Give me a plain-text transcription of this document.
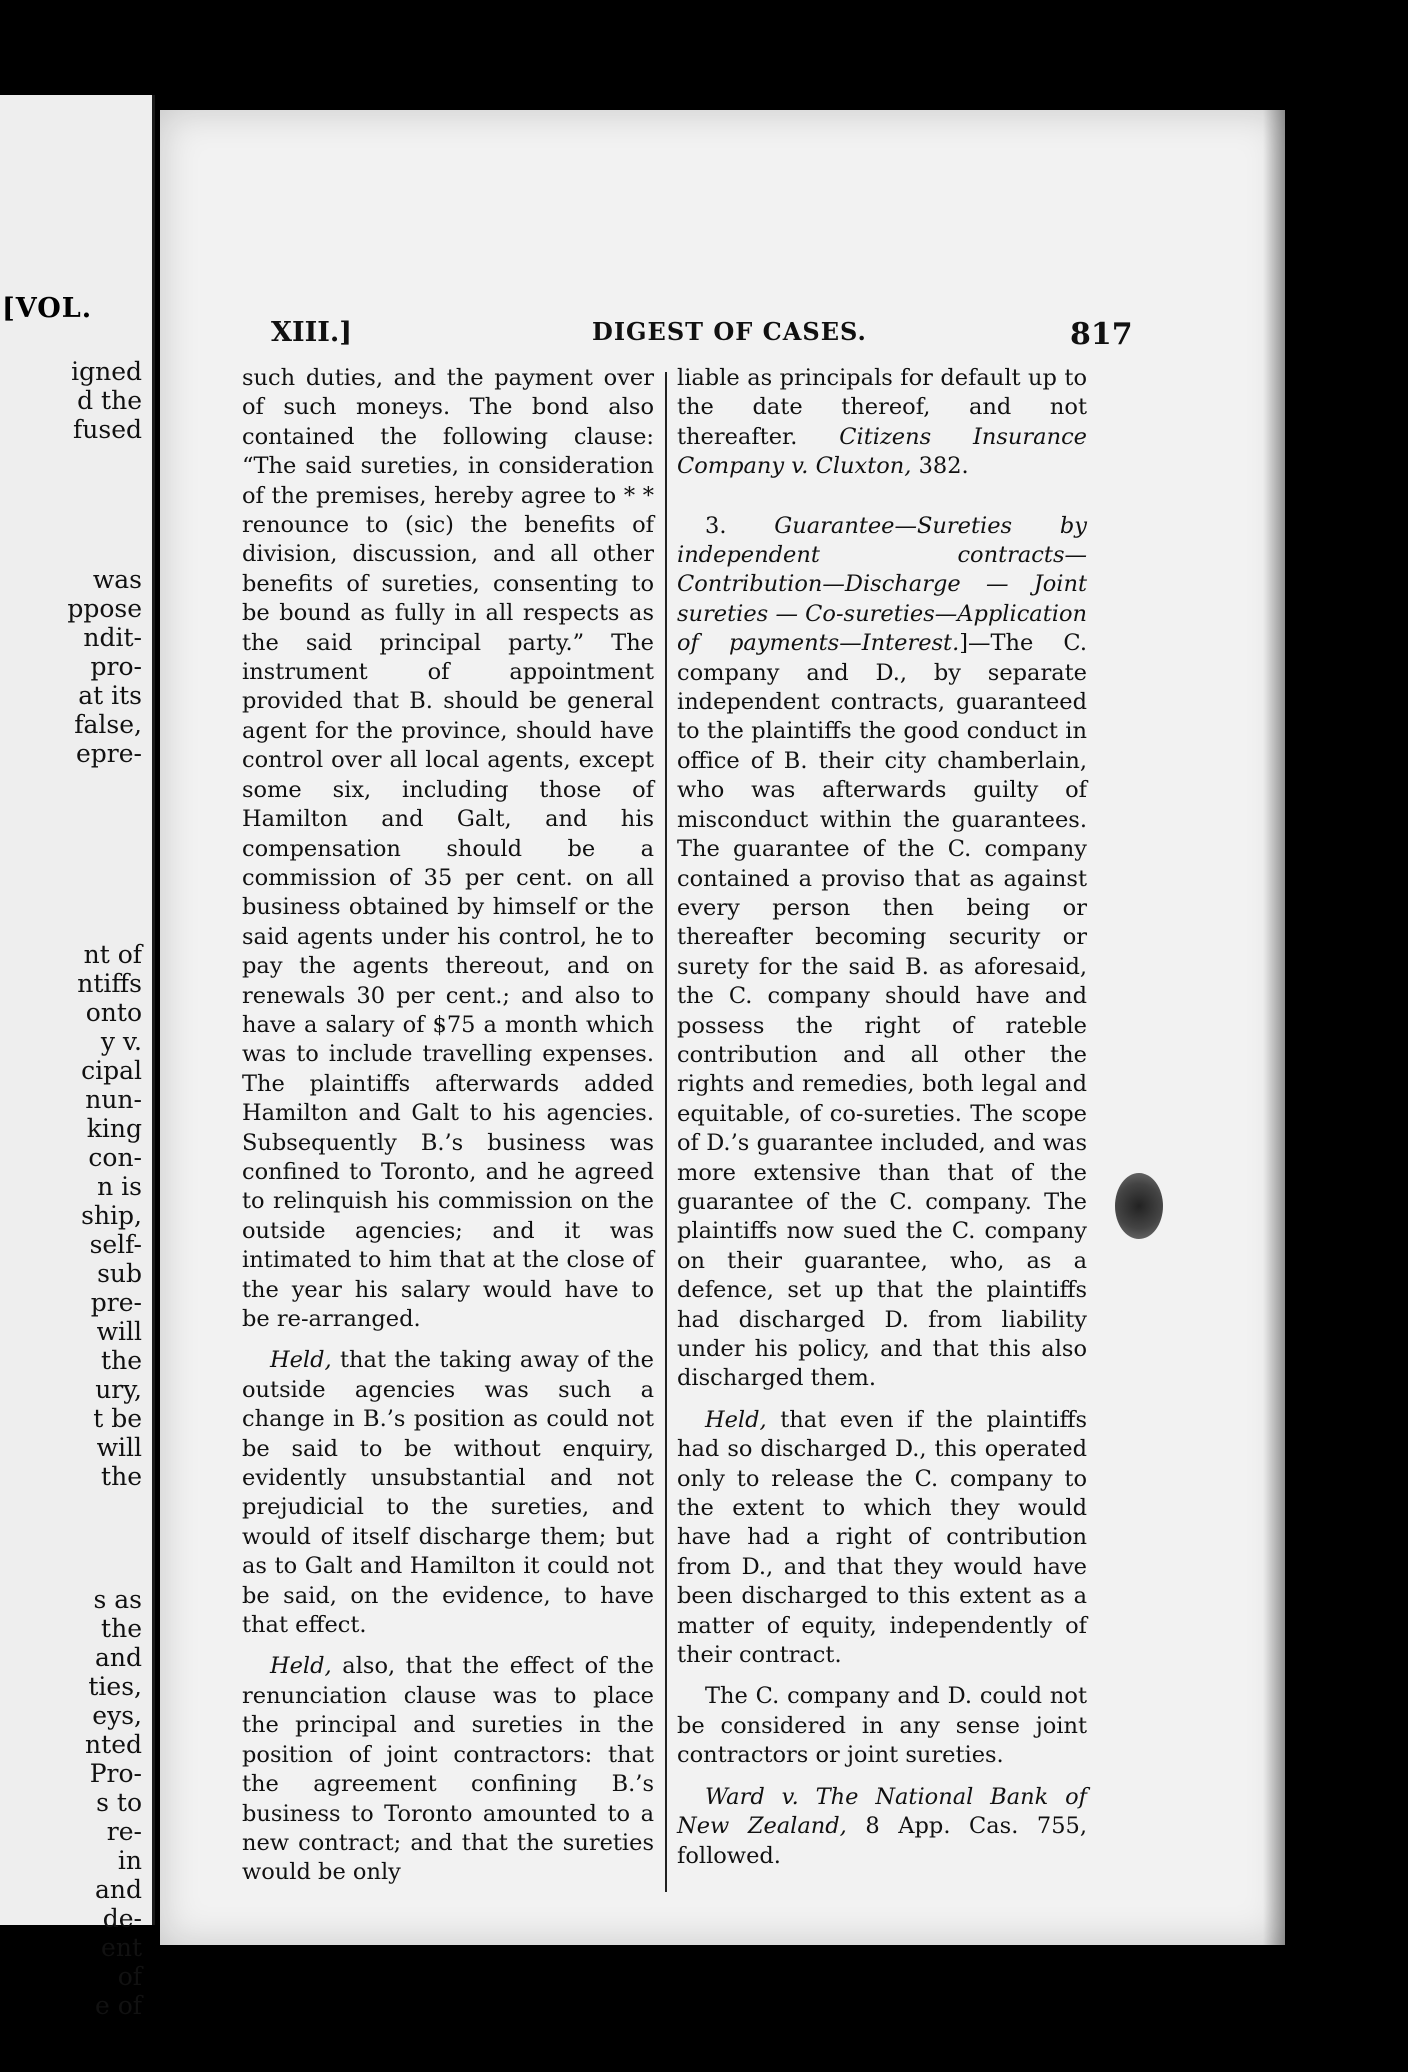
[VOL.
igned
d the
fused
was
ppose
ndit-
pro-
at its
false,
epre-
nt of
ntiffs
onto
y v.
cipal
nun-
king
con-
n is
ship,
self-
sub
pre-
will
the
ury,
t be
will
the
s as
the
and
ties,
eys,
nted
Pro-
s to
re-
in
and
de-
ent
of
e of
XIII.]	DIGEST OF CASES.	817

such duties, and the payment over of such moneys. The bond also contained the following clause: “The said sureties, in consideration of the premises, hereby agree to * * renounce to (sic) the benefits of division, discussion, and all other benefits of sureties, consenting to be bound as fully in all respects as the said principal party.” The instrument of appointment provided that B. should be general agent for the province, should have control over all local agents, except some six, including those of Hamilton and Galt, and his compensation should be a commission of 35 per cent. on all business obtained by himself or the said agents under his control, he to pay the agents thereout, and on renewals 30 per cent.; and also to have a salary of $75 a month which was to include travelling expenses. The plaintiffs afterwards added Hamilton and Galt to his agencies. Subsequently B.’s business was confined to Toronto, and he agreed to relinquish his commission on the outside agencies; and it was intimated to him that at the close of the year his salary would have to be re-arranged.

Held, that the taking away of the outside agencies was such a change in B.’s position as could not be said to be without enquiry, evidently unsubstantial and not prejudicial to the sureties, and would of itself discharge them; but as to Galt and Hamilton it could not be said, on the evidence, to have that effect.

Held, also, that the effect of the renunciation clause was to place the principal and sureties in the position of joint contractors: that the agreement confining B.’s business to Toronto amounted to a new contract; and that the sureties would be only

liable as principals for default up to the date thereof, and not thereafter. Citizens Insurance Company v. Cluxton, 382.

3. Guarantee—Sureties by independent contracts—Contribution—Discharge — Joint sureties — Co-sureties—Application of payments—Interest.]—The C. company and D., by separate independent contracts, guaranteed to the plaintiffs the good conduct in office of B. their city chamberlain, who was afterwards guilty of misconduct within the guarantees. The guarantee of the C. company contained a proviso that as against every person then being or thereafter becoming security or surety for the said B. as aforesaid, the C. company should have and possess the right of rateble contribution and all other the rights and remedies, both legal and equitable, of co-sureties. The scope of D.’s guarantee included, and was more extensive than that of the guarantee of the C. company. The plaintiffs now sued the C. company on their guarantee, who, as a defence, set up that the plaintiffs had discharged D. from liability under his policy, and that this also discharged them.

Held, that even if the plaintiffs had so discharged D., this operated only to release the C. company to the extent to which they would have had a right of contribution from D., and that they would have been discharged to this extent as a matter of equity, independently of their contract.

The C. company and D. could not be considered in any sense joint contractors or joint sureties.

Ward v. The National Bank of New Zealand, 8 App. Cas. 755, followed.
